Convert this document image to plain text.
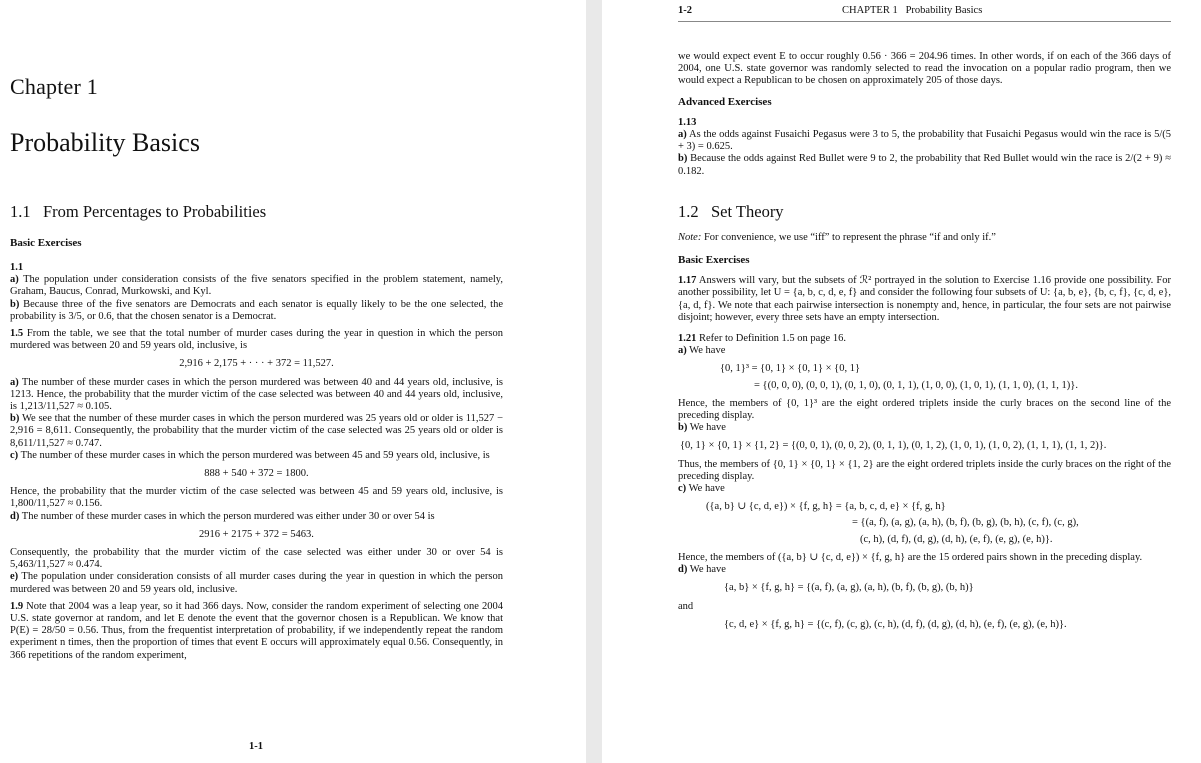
Chapter 1
Probability Basics
1.1   From Percentages to Probabilities
Basic Exercises

1.1

a) The population under consideration consists of the five senators specified in the problem statement, namely, Graham, Baucus, Conrad, Murkowski, and Kyl.

b) Because three of the five senators are Democrats and each senator is equally likely to be the one selected, the probability is 3/5, or 0.6, that the chosen senator is a Democrat.

1.5 From the table, we see that the total number of murder cases during the year in question in which the person murdered was between 20 and 59 years old, inclusive, is

2,916 + 2,175 + · · · + 372 = 11,527.

a) The number of these murder cases in which the person murdered was between 40 and 44 years old, inclusive, is 1213. Hence, the probability that the murder victim of the case selected was between 40 and 44 years old, inclusive, is 1,213/11,527 ≈ 0.105.

b) We see that the number of these murder cases in which the person murdered was 25 years old or older is 11,527 − 2,916 = 8,611. Consequently, the probability that the murder victim of the case selected was 25 years old or older is 8,611/11,527 ≈ 0.747.

c) The number of these murder cases in which the person murdered was between 45 and 59 years old, inclusive, is

888 + 540 + 372 = 1800.

Hence, the probability that the murder victim of the case selected was between 45 and 59 years old, inclusive, is 1,800/11,527 ≈ 0.156.

d) The number of these murder cases in which the person murdered was either under 30 or over 54 is

2916 + 2175 + 372 = 5463.

Consequently, the probability that the murder victim of the case selected was either under 30 or over 54 is 5,463/11,527 ≈ 0.474.

e) The population under consideration consists of all murder cases during the year in question in which the person murdered was between 20 and 59 years old, inclusive.

1.9 Note that 2004 was a leap year, so it had 366 days. Now, consider the random experiment of selecting one 2004 U.S. state governor at random, and let E denote the event that the governor chosen is a Republican. We know that P(E) = 28/50 = 0.56. Thus, from the frequentist interpretation of probability, if we independently repeat the random experiment n times, then the proportion of times that event E occurs will approximately equal 0.56. Consequently, in 366 repetitions of the random experiment,

1-1
1-2	CHAPTER 1   Probability Basics

we would expect event E to occur roughly 0.56 · 366 = 204.96 times. In other words, if on each of the 366 days of 2004, one U.S. state governor was randomly selected to read the invocation on a popular radio program, then we would expect a Republican to be chosen on approximately 205 of those days.

Advanced Exercises

1.13

a) As the odds against Fusaichi Pegasus were 3 to 5, the probability that Fusaichi Pegasus would win the race is 5/(5 + 3) = 0.625.

b) Because the odds against Red Bullet were 9 to 2, the probability that Red Bullet would win the race is 2/(2 + 9) ≈ 0.182.

1.2   Set Theory

Note: For convenience, we use “iff” to represent the phrase “if and only if.”

Basic Exercises

1.17 Answers will vary, but the subsets of ℛ² portrayed in the solution to Exercise 1.16 provide one possibility. For another possibility, let U = {a, b, c, d, e, f} and consider the following four subsets of U: {a, b, e}, {b, c, f}, {c, d, e}, {a, d, f}. We note that each pairwise intersection is nonempty and, hence, in particular, the four sets are not pairwise disjoint; however, every three sets have an empty intersection.

1.21 Refer to Definition 1.5 on page 16.

a) We have

{0, 1}³ = {0, 1} × {0, 1} × {0, 1}

= {(0, 0, 0), (0, 0, 1), (0, 1, 0), (0, 1, 1), (1, 0, 0), (1, 0, 1), (1, 1, 0), (1, 1, 1)}.

Hence, the members of {0, 1}³ are the eight ordered triplets inside the curly braces on the second line of the preceding display.

b) We have

{0, 1} × {0, 1} × {1, 2} = {(0, 0, 1), (0, 0, 2), (0, 1, 1), (0, 1, 2), (1, 0, 1), (1, 0, 2), (1, 1, 1), (1, 1, 2)}.

Thus, the members of {0, 1} × {0, 1} × {1, 2} are the eight ordered triplets inside the curly braces on the right of the preceding display.

c) We have

({a, b} ∪ {c, d, e}) × {f, g, h} = {a, b, c, d, e} × {f, g, h}

= {(a, f), (a, g), (a, h), (b, f), (b, g), (b, h), (c, f), (c, g),

(c, h), (d, f), (d, g), (d, h), (e, f), (e, g), (e, h)}.

Hence, the members of ({a, b} ∪ {c, d, e}) × {f, g, h} are the 15 ordered pairs shown in the preceding display.

d) We have

{a, b} × {f, g, h} = {(a, f), (a, g), (a, h), (b, f), (b, g), (b, h)}

and

{c, d, e} × {f, g, h} = {(c, f), (c, g), (c, h), (d, f), (d, g), (d, h), (e, f), (e, g), (e, h)}.
